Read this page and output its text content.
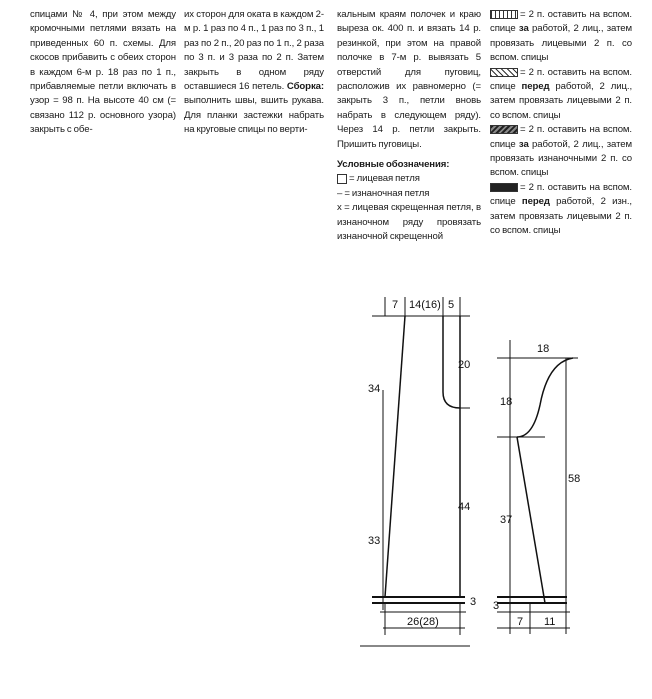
спицами № 4, при этом между кромочными петлями вязать на приведенных 60 п. схемы. Для скосов прибавить с обеих сторон в каждом 6-м р. 18 раз по 1 п., прибавляемые петли включать в узор = 98 п. На высоте 40 см (= связано 112 р. основного узора) закрыть с обе-
их сторон для оката в каждом 2-м р. 1 раз по 4 п., 1 раз по 3 п., 1 раз по 2 п., 20 раз по 1 п., 2 раза по 3 п. и 3 раза по 2 п. Затем закрыть в одном ряду оставшиеся 16 петель. Сборка: выполнить швы, вшить рукава. Для планки застежки набрать на круговые спицы по верти-
кальным краям полочек и краю выреза ок. 400 п. и вязать 14 р. резинкой, при этом на правой полочке в 7-м р. вывязать 5 отверстий для пуговиц, расположив их равномерно (= закрыть 3 п., петли вновь набрать в следующем ряду). Через 14 р. петли закрыть. Пришить пуговицы.
Условные обозначения:
= лицевая петля
– = изнаночная петля
x = лицевая скрещенная петля, в изнаночном ряду провязать изнаночной скрещенной
= 2 п. оставить на вспом. спице за работой, 2 лиц., затем провязать лицевыми 2 п. со вспом. спицы
= 2 п. оставить на вспом. спице перед работой, 2 лиц., затем провязать лицевыми 2 п. со вспом. спицы
= 2 п. оставить на вспом. спице за работой, 2 лиц., затем провязать изнаночными 2 п. со вспом. спицы
= 2 п. оставить на вспом. спице перед работой, 2 изн., затем провязать лицевыми 2 п. со вспом. спицы
7 14(16) 5
34
33
20
44
3
26(28)
18
18
37
58
3
7 11
